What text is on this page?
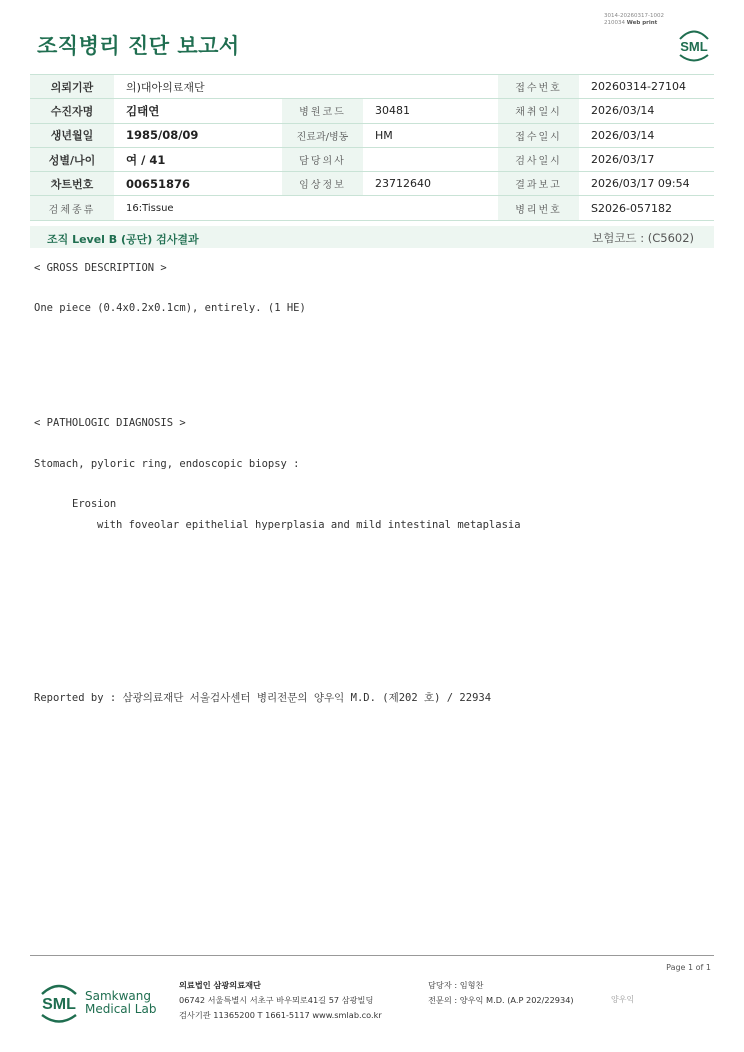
조직병리 진단 보고서
3014-20260317-1002
210034 Web print
SML
의뢰기관	의)대아의료재단			접수번호	20260314-27104
수진자명	김태연	병원코드	30481	채취일시	2026/03/14
생년월일	1985/08/09	진료과/병동	HM	접수일시	2026/03/14
성별/나이	여 / 41	담당의사		검사일시	2026/03/17
차트번호	00651876	임상정보	23712640	결과보고	2026/03/17 09:54
검체종류	16:Tissue			병리번호	S2026-057182
조직 Level B (공단) 검사결과	보험코드 : (C5602)
< GROSS DESCRIPTION >
One piece (0.4x0.2x0.1cm), entirely. (1 HE)
< PATHOLOGIC DIAGNOSIS >
Stomach, pyloric ring, endoscopic biopsy :
Erosion
with foveolar epithelial hyperplasia and mild intestinal metaplasia
Reported by : 삼광의료재단 서울검사센터 병리전문의 양우익 M.D. (제202 호) / 22934
Page 1 of 1
SML Samkwang
Medical Lab
의료법인 삼광의료재단
06742 서울특별시 서초구 바우뫼로41길 57 삼광빌딩
검사기관 11365200 T 1661-5117 www.smlab.co.kr
담당자 : 임형찬
전문의 : 양우익 M.D. (A.P 202/22934)	양우익
